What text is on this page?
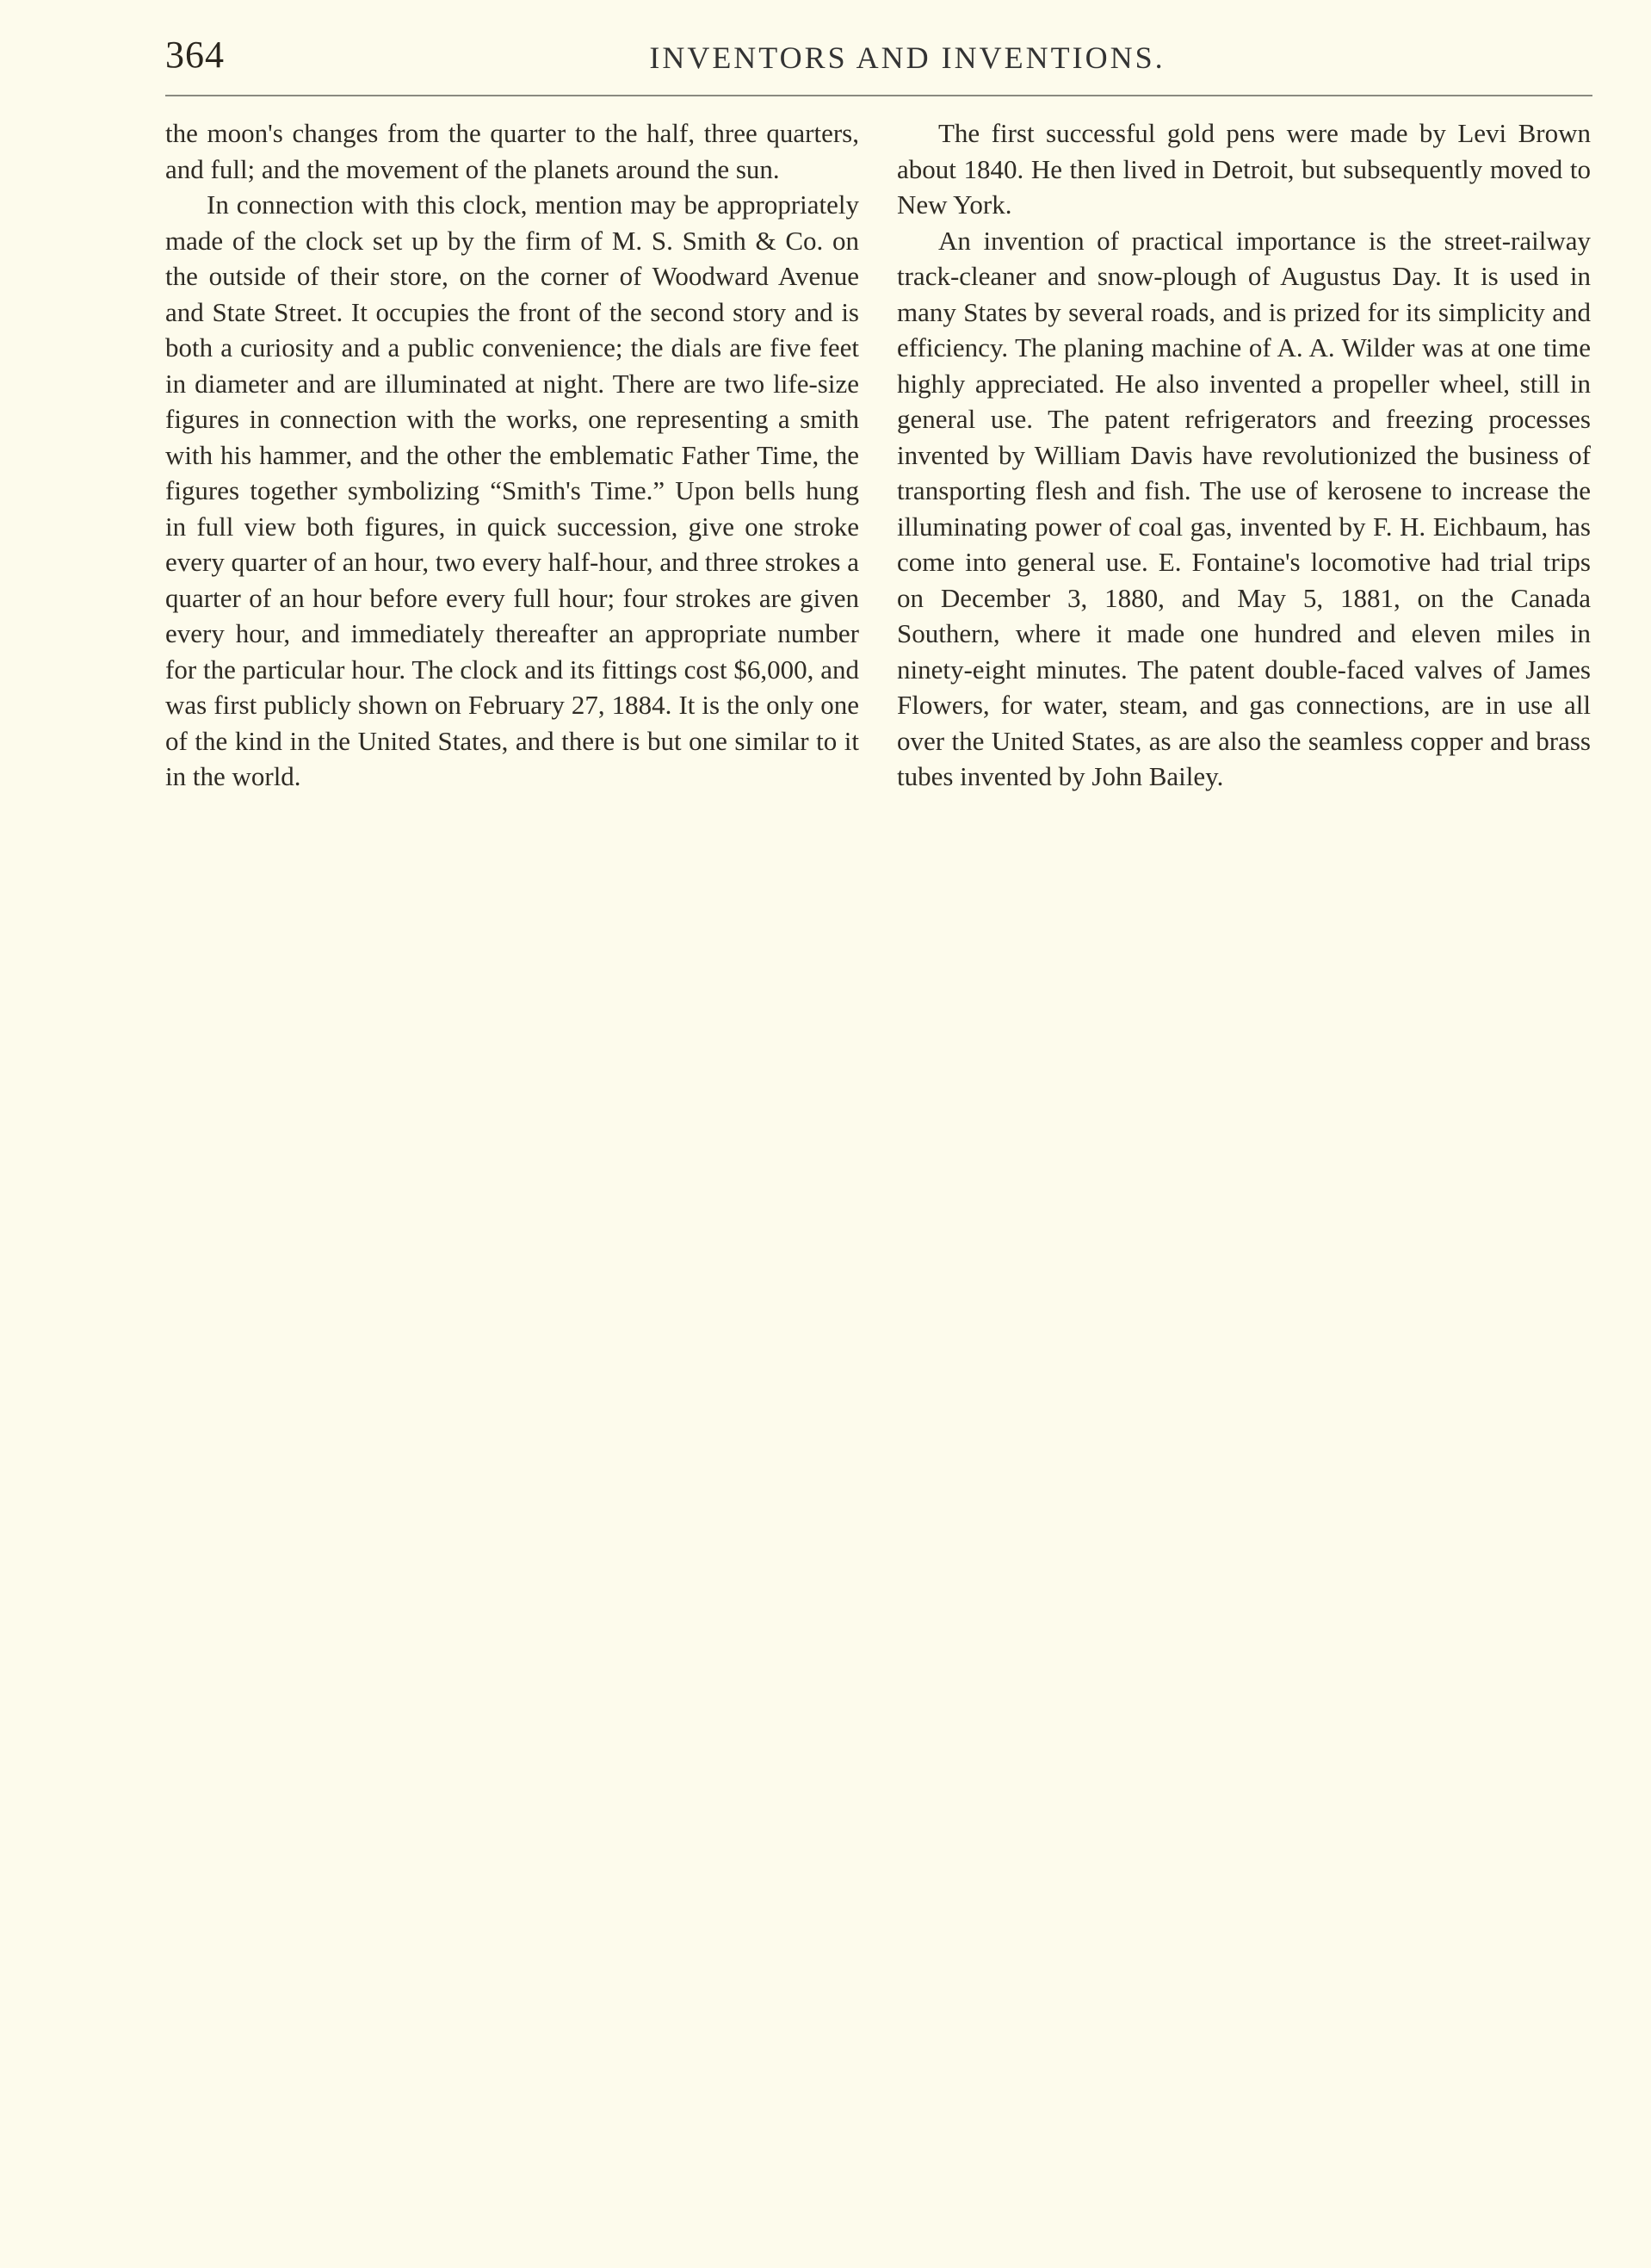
364	INVENTORS AND INVENTIONS.

the moon's changes from the quarter to the half, three quarters, and full; and the movement of the planets around the sun.

In connection with this clock, mention may be appropriately made of the clock set up by the firm of M. S. Smith & Co. on the outside of their store, on the corner of Woodward Avenue and State Street. It occupies the front of the second story and is both a curiosity and a public convenience; the dials are five feet in diameter and are illuminated at night. There are two life-size figures in connection with the works, one representing a smith with his hammer, and the other the emblematic Father Time, the figures together symbolizing “Smith's Time.” Upon bells hung in full view both figures, in quick succession, give one stroke every quarter of an hour, two every half-hour, and three strokes a quarter of an hour before every full hour; four strokes are given every hour, and immediately thereafter an appropriate number for the particular hour. The clock and its fittings cost $6,000, and was first publicly shown on February 27, 1884. It is the only one of the kind in the United States, and there is but one similar to it in the world.

The first successful gold pens were made by Levi Brown about 1840. He then lived in Detroit, but subsequently moved to New York.

An invention of practical importance is the street-railway track-cleaner and snow-plough of Augustus Day. It is used in many States by several roads, and is prized for its simplicity and efficiency. The planing machine of A. A. Wilder was at one time highly appreciated. He also invented a propeller wheel, still in general use. The patent refrigerators and freezing processes invented by William Davis have revolutionized the business of transporting flesh and fish. The use of kerosene to increase the illuminating power of coal gas, invented by F. H. Eichbaum, has come into general use. E. Fontaine's locomotive had trial trips on December 3, 1880, and May 5, 1881, on the Canada Southern, where it made one hundred and eleven miles in ninety-eight minutes. The patent double-faced valves of James Flowers, for water, steam, and gas connections, are in use all over the United States, as are also the seamless copper and brass tubes invented by John Bailey.
